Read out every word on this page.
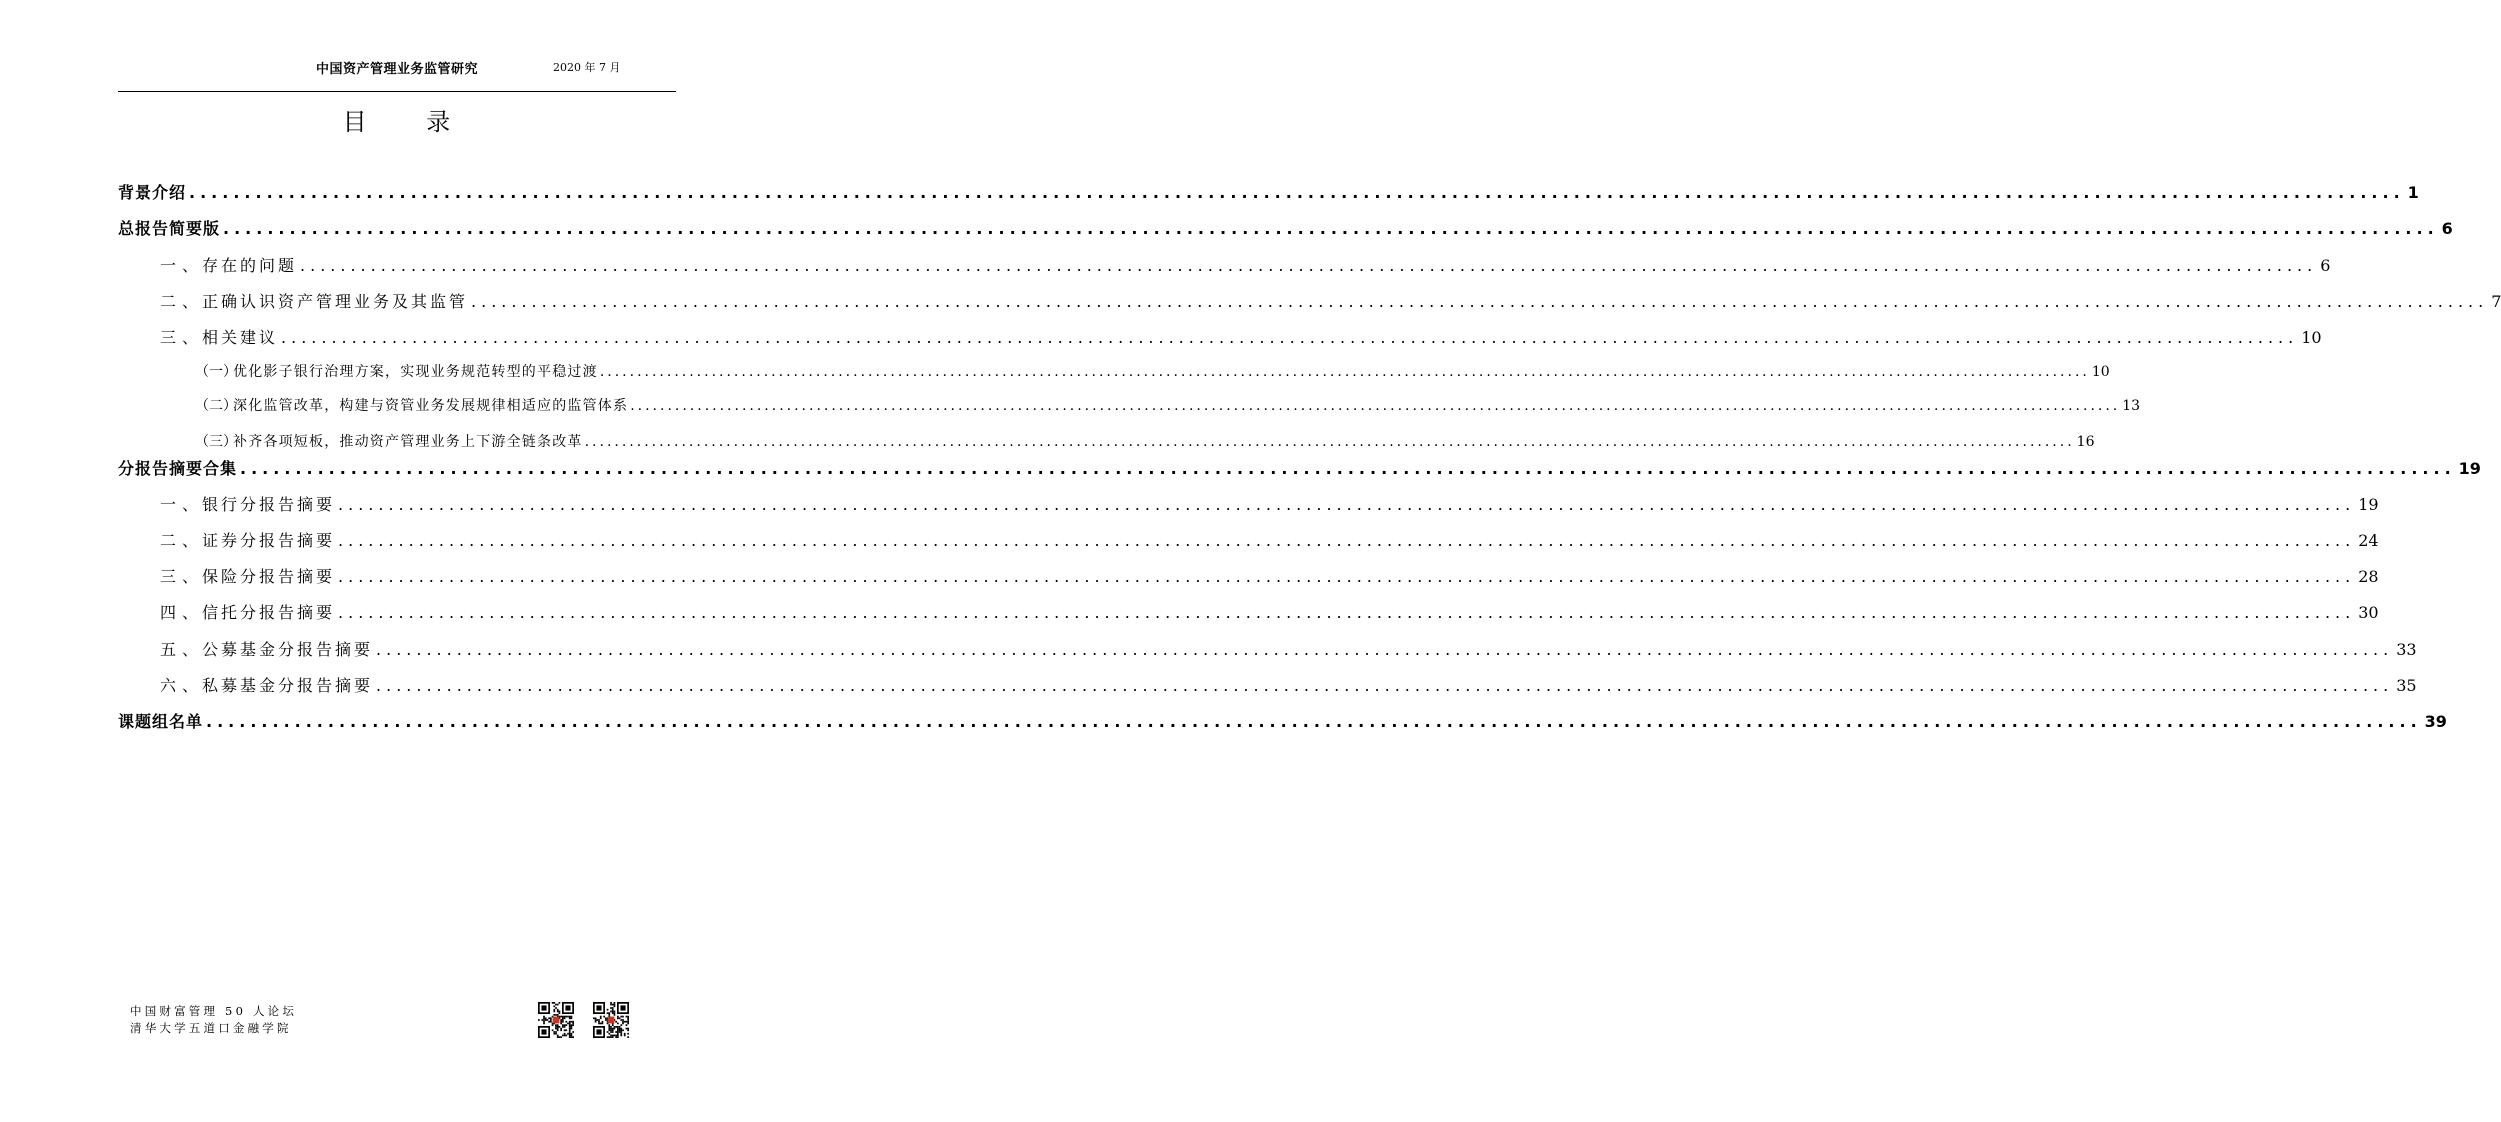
中国资产管理业务监管研究	2020 年 7 月
目 录
背景介绍 ........................................................................................................................................................................................................ 1
总报告简要版 ........................................................................................................................................................................................................ 6
一、
存在的问题 ........................................................................................................................................................................................................ 6
二、
正确认识资产管理业务及其监管 ........................................................................................................................................................................................................ 7
三、
相关建议 ........................................................................................................................................................................................................ 10
（一）
优化影子银行治理方案，实现业务规范转型的平稳过渡 ........................................................................................................................................................................................................ 10
（二）
深化监管改革，构建与资管业务发展规律相适应的监管体系 ........................................................................................................................................................................................................ 13
（三）
补齐各项短板，推动资产管理业务上下游全链条改革 ........................................................................................................................................................................................................ 16
分报告摘要合集 ........................................................................................................................................................................................................ 19
一、
银行分报告摘要 ........................................................................................................................................................................................................ 19
二、
证券分报告摘要 ........................................................................................................................................................................................................ 24
三、
保险分报告摘要 ........................................................................................................................................................................................................ 28
四、
信托分报告摘要 ........................................................................................................................................................................................................ 30
五、
公募基金分报告摘要 ........................................................................................................................................................................................................ 33
六、
私募基金分报告摘要 ........................................................................................................................................................................................................ 35
课题组名单 ........................................................................................................................................................................................................ 39
中国财富管理 50 人论坛
清华大学五道口金融学院
